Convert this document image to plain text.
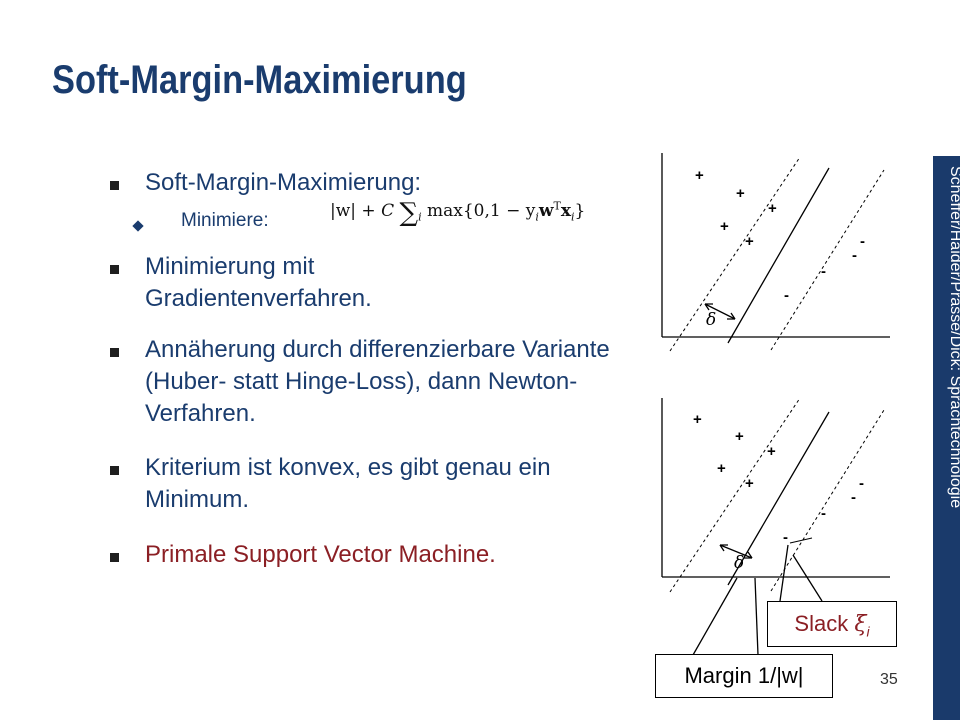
Soft-Margin-Maximierung
Scheffer/Haider/Prasse/Dick: Sprachtechnologie
Soft-Margin-Maximierung:
Minimiere:	|w| + C $\sum_i$ $\max\{0,1 - y_iw^Tx_i\}$
Minimierung mit Gradientenverfahren.
Annäherung durch differenzierbare Variante (Huber- statt Hinge-Loss), dann Newton-Verfahren.
Kriterium ist konvex, es gibt genau ein Minimum.
Primale Support Vector Machine.
+
+
+
+
+	-
-
-
-
+
+
+
+
+	-
-
-
-
δ
δ
Slack $\xi_i$
Margin 1/|w|	35
